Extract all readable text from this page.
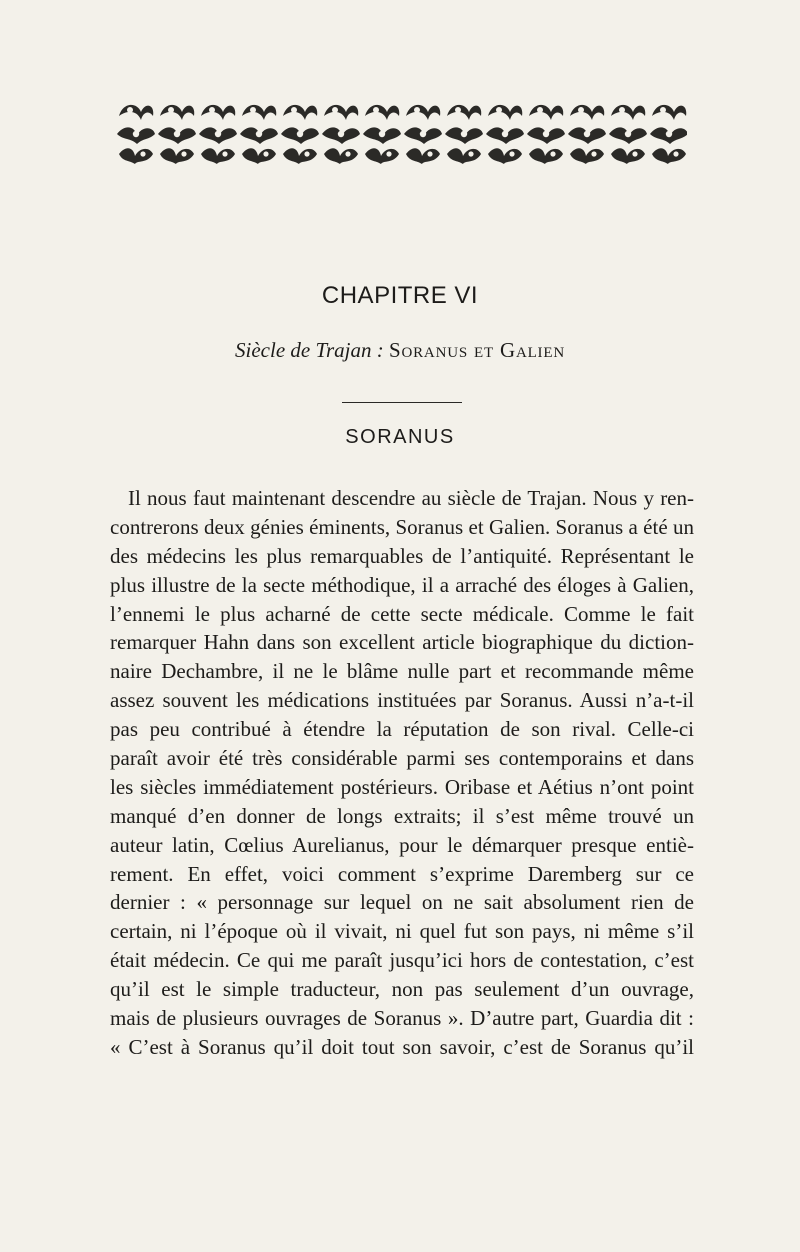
CHAPITRE VI
Siècle de Trajan : Soranus et Galien
SORANUS
Il nous faut maintenant descendre au siècle de Trajan. Nous y ren-
contrerons deux génies éminents, Soranus et Galien. Soranus a été un
des médecins les plus remarquables de l’antiquité. Représentant le
plus illustre de la secte méthodique, il a arraché des éloges à Galien,
l’ennemi le plus acharné de cette secte médicale. Comme le fait
remarquer Hahn dans son excellent article biographique du diction-
naire Dechambre, il ne le blâme nulle part et recommande même
assez souvent les médications instituées par Soranus. Aussi n’a-t-il
pas peu contribué à étendre la réputation de son rival. Celle-ci
paraît avoir été très considérable parmi ses contemporains et dans
les siècles immédiatement postérieurs. Oribase et Aétius n’ont point
manqué d’en donner de longs extraits; il s’est même trouvé un
auteur latin, Cœlius Aurelianus, pour le démarquer presque entiè-
rement. En effet, voici comment s’exprime Daremberg sur ce
dernier : « personnage sur lequel on ne sait absolument rien de
certain, ni l’époque où il vivait, ni quel fut son pays, ni même s’il
était médecin. Ce qui me paraît jusqu’ici hors de contestation, c’est
qu’il est le simple traducteur, non pas seulement d’un ouvrage,
mais de plusieurs ouvrages de Soranus ». D’autre part, Guardia dit :
« C’est à Soranus qu’il doit tout son savoir, c’est de Soranus qu’il
